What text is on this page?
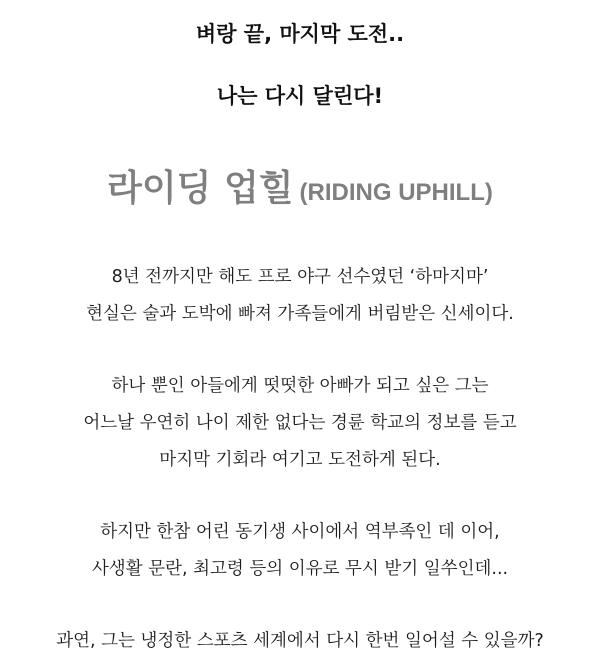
벼랑 끝, 마지막 도전..
나는 다시 달린다!
라이딩 업힐 (RIDING UPHILL)
8년 전까지만 해도 프로 야구 선수였던 ‘하마지마’
현실은 술과 도박에 빠져 가족들에게 버림받은 신세이다.
하나 뿐인 아들에게 떳떳한 아빠가 되고 싶은 그는
어느날 우연히 나이 제한 없다는 경륜 학교의 정보를 듣고
마지막 기회라 여기고 도전하게 된다.
하지만 한참 어린 동기생 사이에서 역부족인 데 이어,
사생활 문란, 최고령 등의 이유로 무시 받기 일쑤인데...
과연, 그는 냉정한 스포츠 세계에서 다시 한번 일어설 수 있을까?
